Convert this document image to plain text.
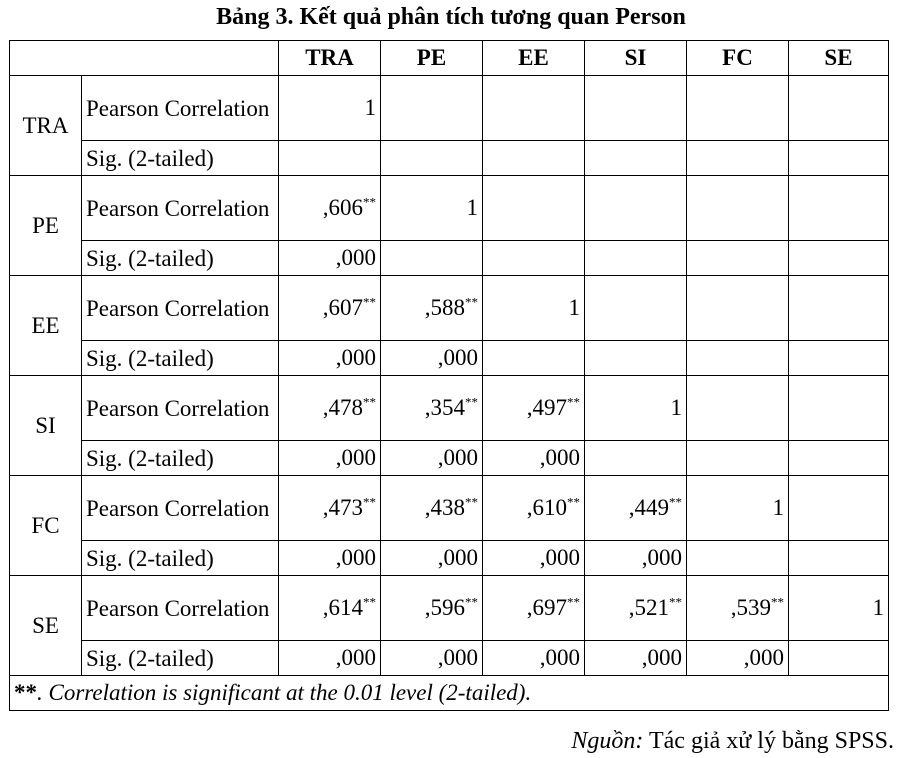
Bảng 3. Kết quả phân tích tương quan Person
		TRA	PE	EE	SI	FC	SE
TRA	Pearson Correlation	1					
	Sig. (2-tailed)						
PE	Pearson Correlation	,606**	1				
	Sig. (2-tailed)	,000					
EE	Pearson Correlation	,607**	,588**	1			
	Sig. (2-tailed)	,000	,000				
SI	Pearson Correlation	,478**	,354**	,497**	1		
	Sig. (2-tailed)	,000	,000	,000			
FC	Pearson Correlation	,473**	,438**	,610**	,449**	1	
	Sig. (2-tailed)	,000	,000	,000	,000		
SE	Pearson Correlation	,614**	,596**	,697**	,521**	,539**	1
	Sig. (2-tailed)	,000	,000	,000	,000	,000	
**. Correlation is significant at the 0.01 level (2-tailed).							
Nguồn: Tác giả xử lý bằng SPSS.
